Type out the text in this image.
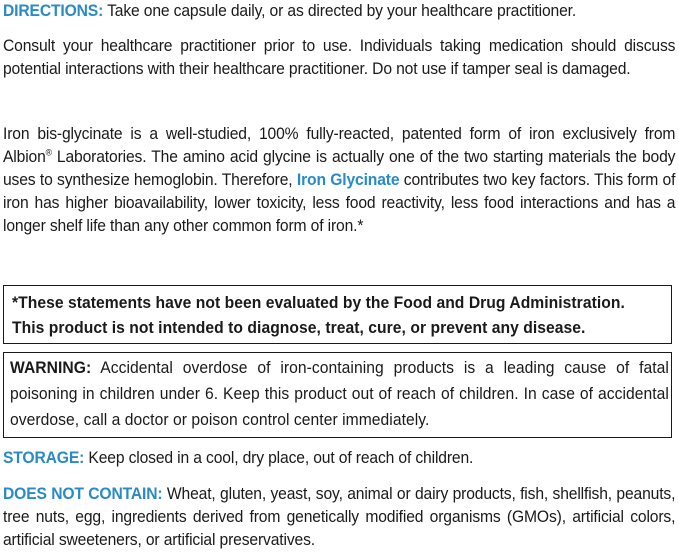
DIRECTIONS: Take one capsule daily, or as directed by your healthcare practitioner.

Consult your healthcare practitioner prior to use. Individuals taking medication should discuss potential interactions with their healthcare practitioner. Do not use if tamper seal is damaged.

Iron bis-glycinate is a well-studied, 100% fully-reacted, patented form of iron exclusively from Albion® Laboratories. The amino acid glycine is actually one of the two starting materials the body uses to synthesize hemoglobin. Therefore, Iron Glycinate contributes two key factors. This form of iron has higher bioavailability, lower toxicity, less food reactivity, less food interactions and has a longer shelf life than any other common form of iron.*

*These statements have not been evaluated by the Food and Drug Administration.

This product is not intended to diagnose, treat, cure, or prevent any disease.

WARNING: Accidental overdose of iron-containing products is a leading cause of fatal poisoning in children under 6. Keep this product out of reach of children. In case of accidental overdose, call a doctor or poison control center immediately.

STORAGE: Keep closed in a cool, dry place, out of reach of children.

DOES NOT CONTAIN: Wheat, gluten, yeast, soy, animal or dairy products, fish, shellfish, peanuts, tree nuts, egg, ingredients derived from genetically modified organisms (GMOs), artificial colors, artificial sweeteners, or artificial preservatives.
